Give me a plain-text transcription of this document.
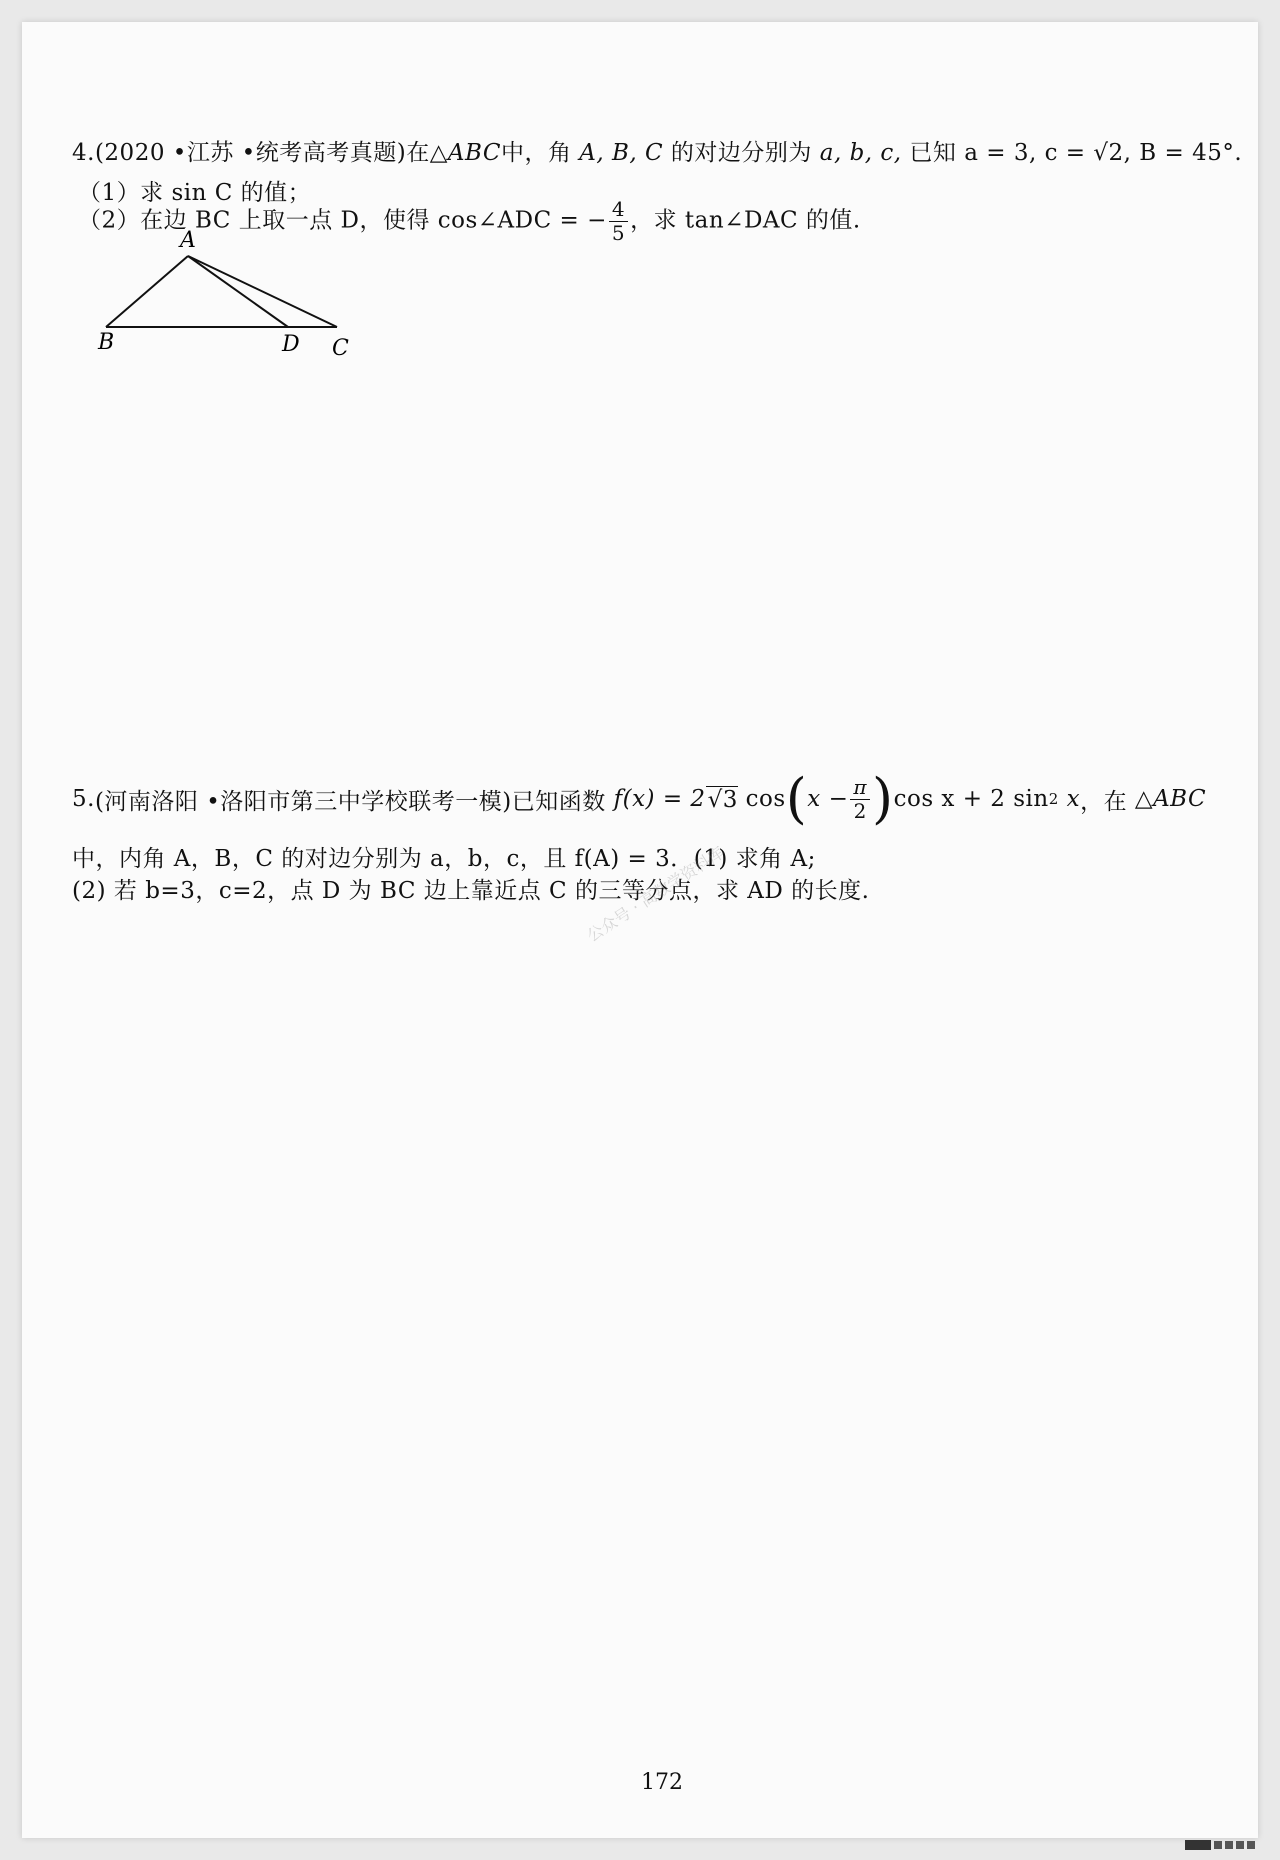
4.(2020 •江苏 •统考高考真题)在△ABC中，角 A, B, C 的对边分别为 a, b, c, 已知 a = 3, c = √2, B = 45°.
（1）求 sin C 的值；
（2）在边 BC 上取一点 D，使得 cos∠ADC = − $\frac{4}{5}$ ，求 tan∠DAC 的值.
A
B	D C
5. (河南洛阳 •洛阳市第三中学校联考一模) 已知函数
f(x) = 2 √3
cos ( $x - \frac{\pi}{2}$ ) cos x + 2 sin 2
x ，在
△ABC
中，内角 A，B，C 的对边分别为 a，b，c，且 f(A) = 3．(1) 求角 A;
(2) 若 b=3，c=2，点 D 为 BC 边上靠近点 C 的三等分点，求 AD 的长度.
公众号 · 高数学资料库
172
